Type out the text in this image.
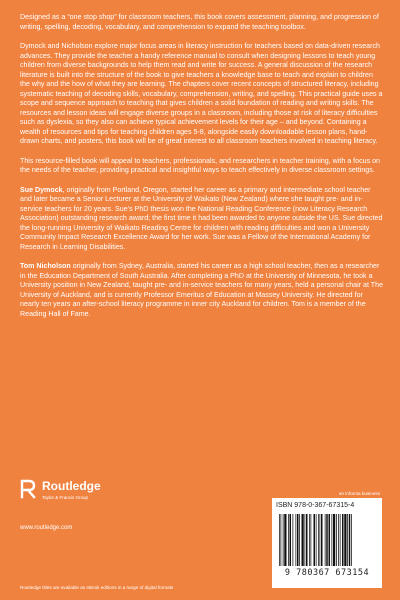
Designed as a “one stop shop” for classroom teachers, this book covers assessment, planning, and progression of writing, spelling, decoding, vocabulary, and comprehension to expand the teaching toolbox.

Dymock and Nicholson explore major focus areas in literacy instruction for teachers based on data-driven research advances. They provide the teacher a handy reference manual to consult when designing lessons to teach young children from diverse backgrounds to help them read and write for success. A general discussion of the research literature is built into the structure of the book to give teachers a knowledge base to teach and explain to children the why and the how of what they are learning. The chapters cover recent concepts of structured literacy, including systematic teaching of decoding skills, vocabulary, comprehension, writing, and spelling. This practical guide uses a scope and sequence approach to teaching that gives children a solid foundation of reading and writing skills. The resources and lesson ideas will engage diverse groups in a classroom, including those at risk of literacy difficulties such as dyslexia, so they also can achieve typical achievement levels for their age – and beyond. Containing a wealth of resources and tips for teaching children ages 5-8, alongside easily downloadable lesson plans, hand-drawn charts, and posters, this book will be of great interest to all classroom teachers involved in teaching literacy.

This resource-filled book will appeal to teachers, professionals, and researchers in teacher training, with a focus on the needs of the teacher, providing practical and insightful ways to teach effectively in diverse classroom settings.

Sue Dymock, originally from Portland, Oregon, started her career as a primary and intermediate school teacher and later became a Senior Lecturer at the University of Waikato (New Zealand) where she taught pre- and in-service teachers for 20 years. Sue’s PhD thesis won the National Reading Conference (now Literacy Research Association) outstanding research award; the first time it had been awarded to anyone outside the US. Sue directed the long-running University of Waikato Reading Centre for children with reading difficulties and won a University Community Impact Research Excellence Award for her work. Sue was a Fellow of the International Academy for Research in Learning Disabilities.

Tom Nicholson originally from Sydney, Australia, started his career as a high school teacher, then as a researcher in the Education Department of South Australia. After completing a PhD at the University of Minnesota, he took a University position in New Zealand, taught pre- and in-service teachers for many years, held a personal chair at The University of Auckland, and is currently Professor Emeritus of Education at Massey University. He directed for nearly ten years an after-school literacy programme in inner city Auckland for children. Tom is a member of the Reading Hall of Fame.

Routledge
Taylor & Francis Group
www.routledge.com
an informa business
ISBN 978-0-367-67315-4
9 780367 673154
Routledge titles are available as eBook editions in a range of digital formats
